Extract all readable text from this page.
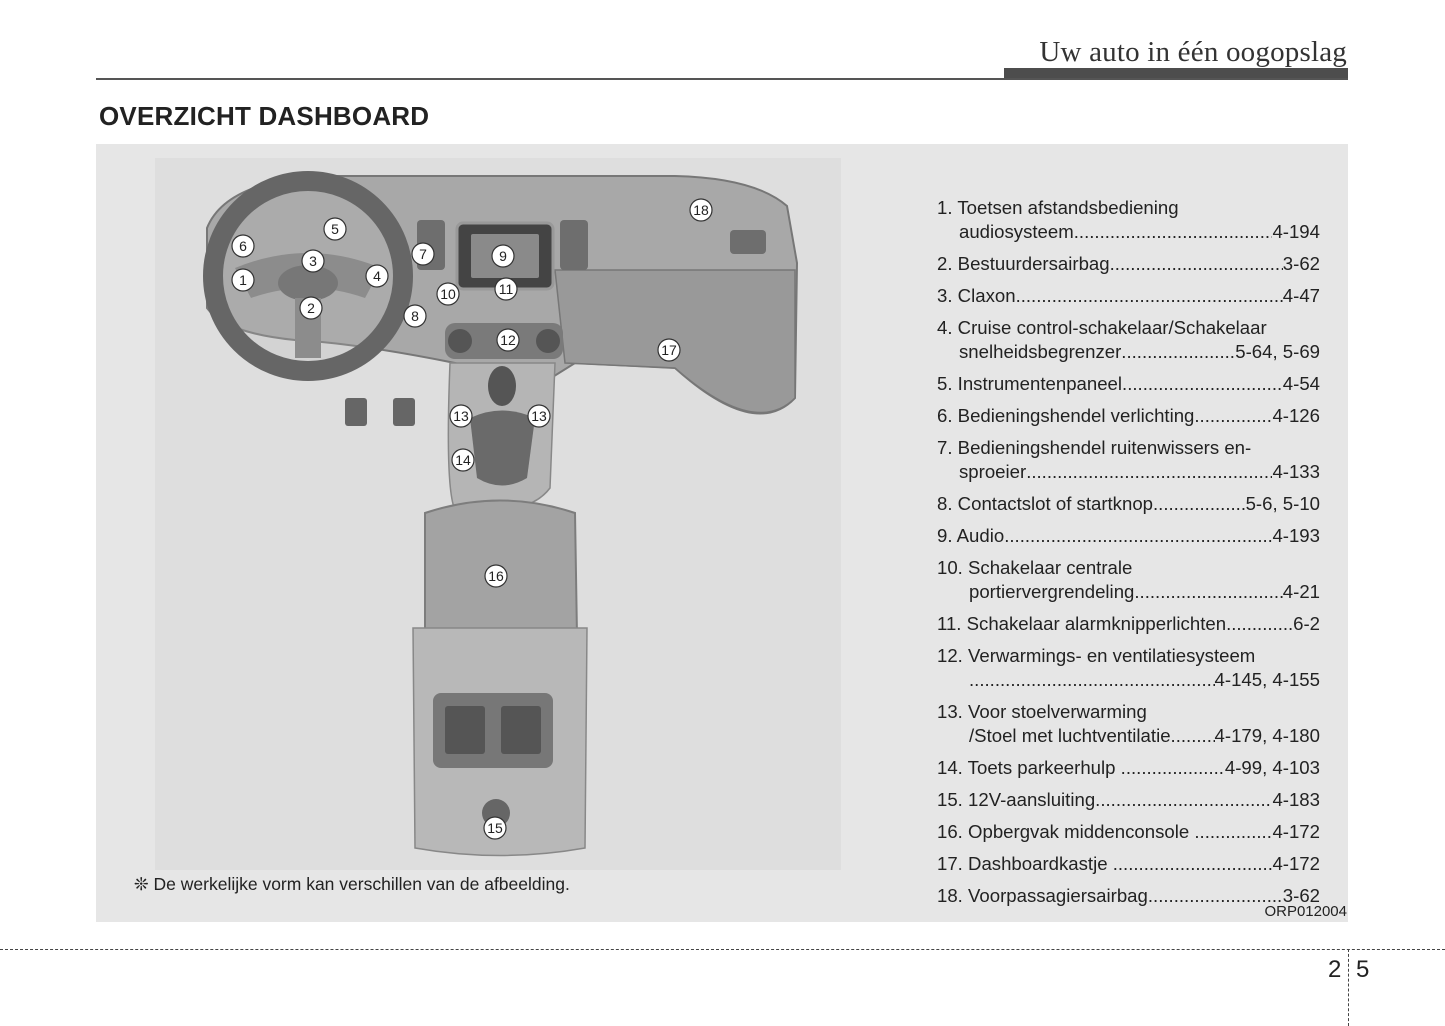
Uw auto in één oogopslag
OVERZICHT DASHBOARD
1
2
3
4
5
6	7
8
9
10	11
12
13	13
14
15
16
17
18	1. Toetsen afstandsbediening
audiosysteem .....	4-194
2. Bestuurdersairbag .....	3-62
3. Claxon .....	4-47
4. Cruise control-schakelaar/Schakelaar
snelheidsbegrenzer .....	5-64, 5-69
5. Instrumentenpaneel .....	4-54
6. Bedieningshendel verlichting .....	4-126
7. Bedieningshendel ruitenwissers en-
sproeier .....	4-133
8. Contactslot of startknop .....	5-6, 5-10
9. Audio .....	4-193
10. Schakelaar centrale
portiervergrendeling .....	4-21
11. Schakelaar alarmknipperlichten .....	6-2
12. Verwarmings- en ventilatiesysteem
.....
4-145, 4-155
13. Voor stoelverwarming
/Stoel met luchtventilatie ..... 4-179, 4-180
14. Toets parkeerhulp .....	4-99, 4-103
15. 12V-aansluiting .....	4-183
16. Opbergvak middenconsole .....	4-172
17. Dashboardkastje .....	4-172
18. Voorpassagiersairbag .....	3-62
❊ De werkelijke vorm kan verschillen van de afbeelding.
ORP012004
2 5
